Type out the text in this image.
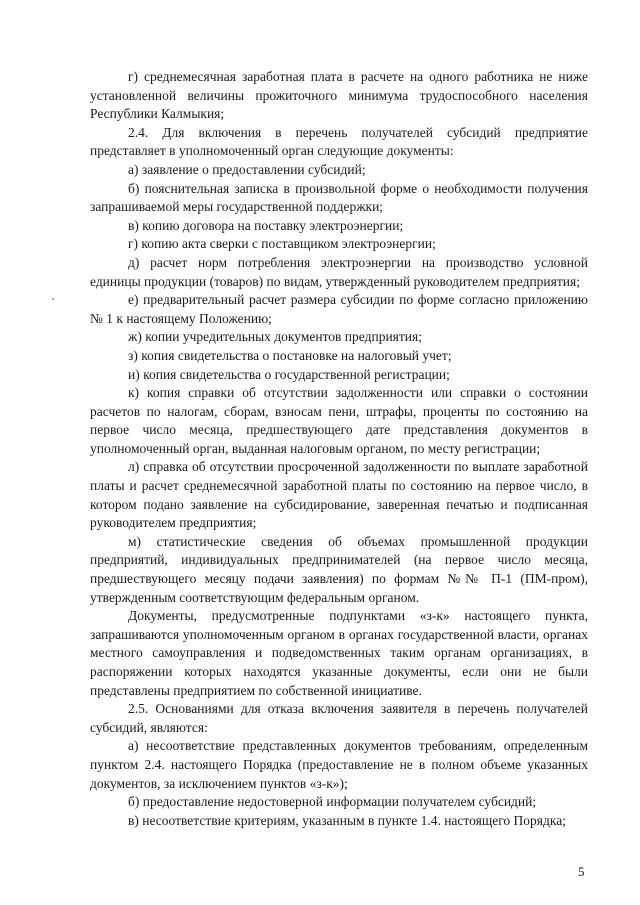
г) среднемесячная заработная плата в расчете на одного работника не ниже установленной величины прожиточного минимума трудоспособного населения Республики Калмыкия;

2.4. Для включения в перечень получателей субсидий предприятие представляет в уполномоченный орган следующие документы:

а) заявление о предоставлении субсидий;

б) пояснительная записка в произвольной форме о необходимости получения запрашиваемой меры государственной поддержки;

в) копию договора на поставку электроэнергии;

г) копию акта сверки с поставщиком электроэнергии;

д) расчет норм потребления электроэнергии на производство условной единицы продукции (товаров) по видам, утвержденный руководителем предприятия;

е) предварительный расчет размера субсидии по форме согласно приложению № 1 к настоящему Положению;

ж) копии учредительных документов предприятия;

з) копия свидетельства о постановке на налоговый учет;

и) копия свидетельства о государственной регистрации;

к) копия справки об отсутствии задолженности или справки о состоянии расчетов по налогам, сборам, взносам пени, штрафы, проценты по состоянию на первое число месяца, предшествующего дате представления документов в уполномоченный орган, выданная налоговым органом, по месту регистрации;

л) справка об отсутствии просроченной задолженности по выплате заработной платы и расчет среднемесячной заработной платы по состоянию на первое число, в котором подано заявление на субсидирование, заверенная печатью и подписанная руководителем предприятия;

м) статистические сведения об объемах промышленной продукции предприятий, индивидуальных предпринимателей (на первое число месяца, предшествующего месяцу подачи заявления) по формам №№ П-1 (ПМ-пром), утвержденным соответствующим федеральным органом.

Документы, предусмотренные подпунктами «з-к» настоящего пункта, запрашиваются уполномоченным органом в органах государственной власти, органах местного самоуправления и подведомственных таким органам организациях, в распоряжении которых находятся указанные документы, если они не были представлены предприятием по собственной инициативе.

2.5. Основаниями для отказа включения заявителя в перечень получателей субсидий, являются:

а) несоответствие представленных документов требованиям, определенным пунктом 2.4. настоящего Порядка (предоставление не в полном объеме указанных документов, за исключением пунктов «з-к»);

б) предоставление недостоверной информации получателем субсидий;

в) несоответствие критериям, указанным в пункте 1.4. настоящего Порядка;

5
